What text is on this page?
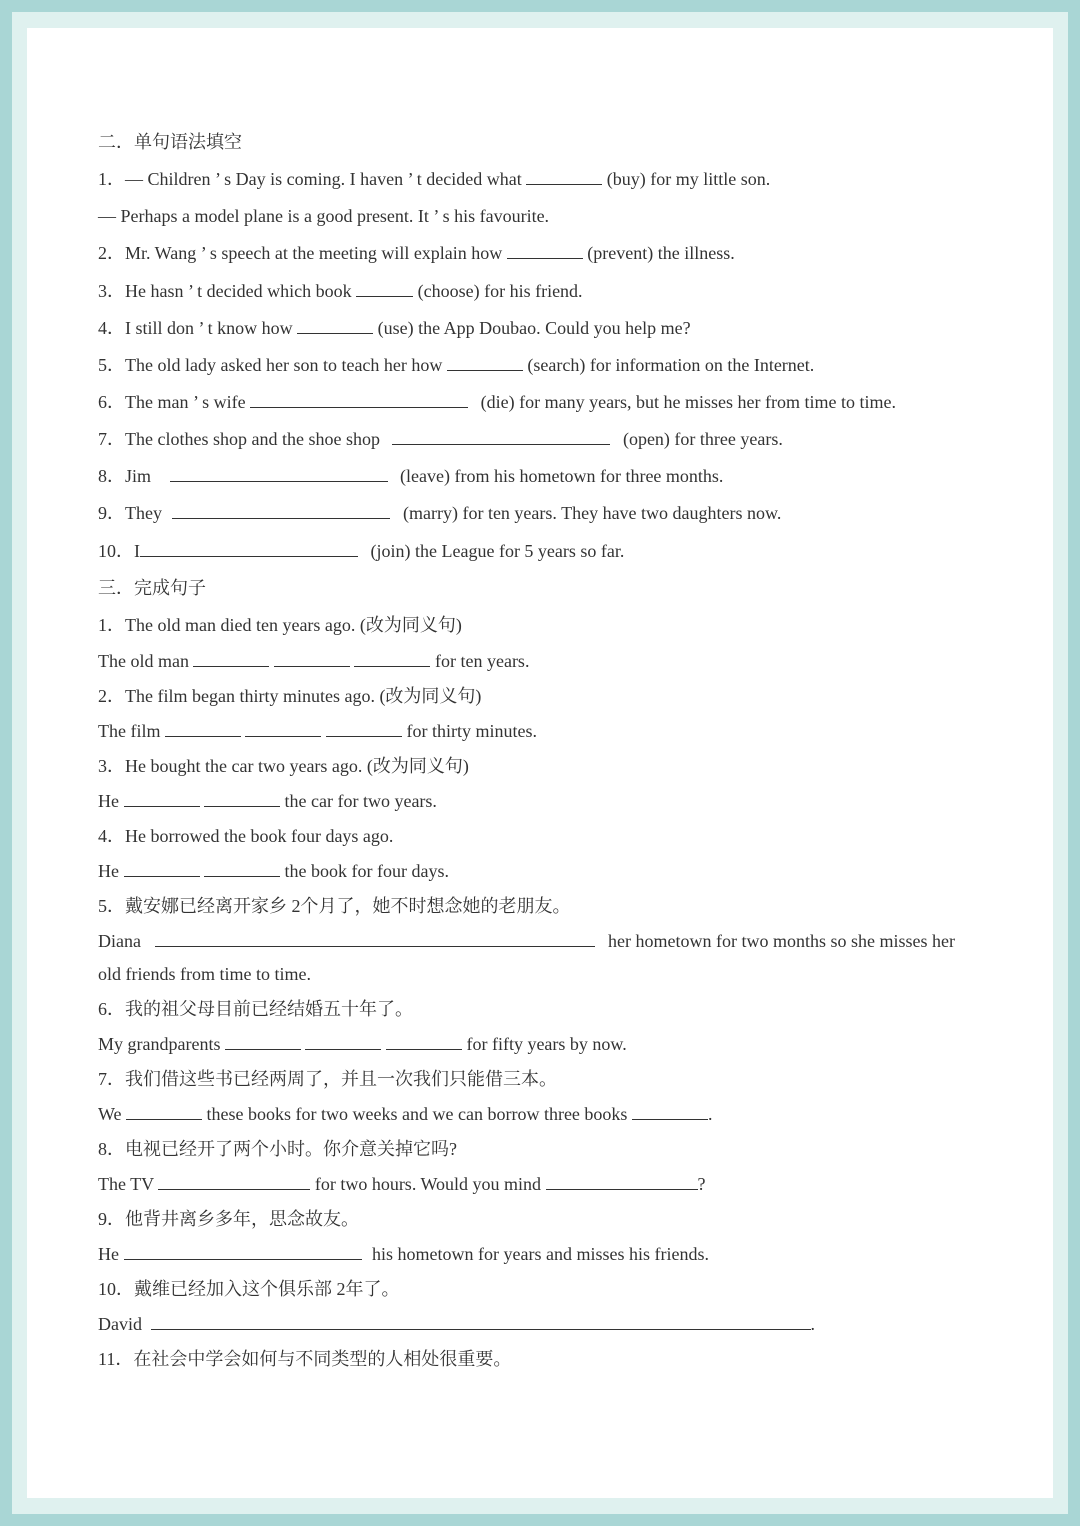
二．单句语法填空
1．— Children ’ s Day is coming. I haven ’ t decided what	(buy) for my little son.
— Perhaps a model plane is a good present. It ’ s his favourite.
2．Mr. Wang ’ s speech at the meeting will explain how	(prevent) the illness.
3．He hasn ’ t decided which book	(choose) for his friend.
4．I still don ’ t know how	(use) the App Doubao. Could you help me?
5．The old lady asked her son to teach her how	(search) for information on the Internet.
6．The man ’ s wife	(die) for many years, but he misses her from time to time.
7．The clothes shop and the shoe shop	(open) for three years.
8．Jim	(leave) from his hometown for three months.
9．They	(marry) for ten years. They have two daughters now.
10．I	(join) the League for 5 years so far.
三．完成句子
1．The old man died ten years ago. (改为同义句)
The old man	for ten years.
2．The film began thirty minutes ago. (改为同义句)
The film	for thirty minutes.
3．He bought the car two years ago. (改为同义句)
He	the car for two years.
4．He borrowed the book four days ago.
He	the book for four days.
5．戴安娜已经离开家乡 2个月了，她不时想念她的老朋友。
Diana	her hometown for two months so she misses her
old friends from time to time.
6．我的祖父母目前已经结婚五十年了。
My grandparents	for fifty years by now.
7．我们借这些书已经两周了，并且一次我们只能借三本。
We	these books for two weeks and we can borrow three books	.
8．电视已经开了两个小时。你介意关掉它吗?
The TV	for two hours. Would you mind	?
9．他背井离乡多年，思念故友。
He	his hometown for years and misses his friends.
10．戴维已经加入这个俱乐部 2年了。
David	.
11．在社会中学会如何与不同类型的人相处很重要。
